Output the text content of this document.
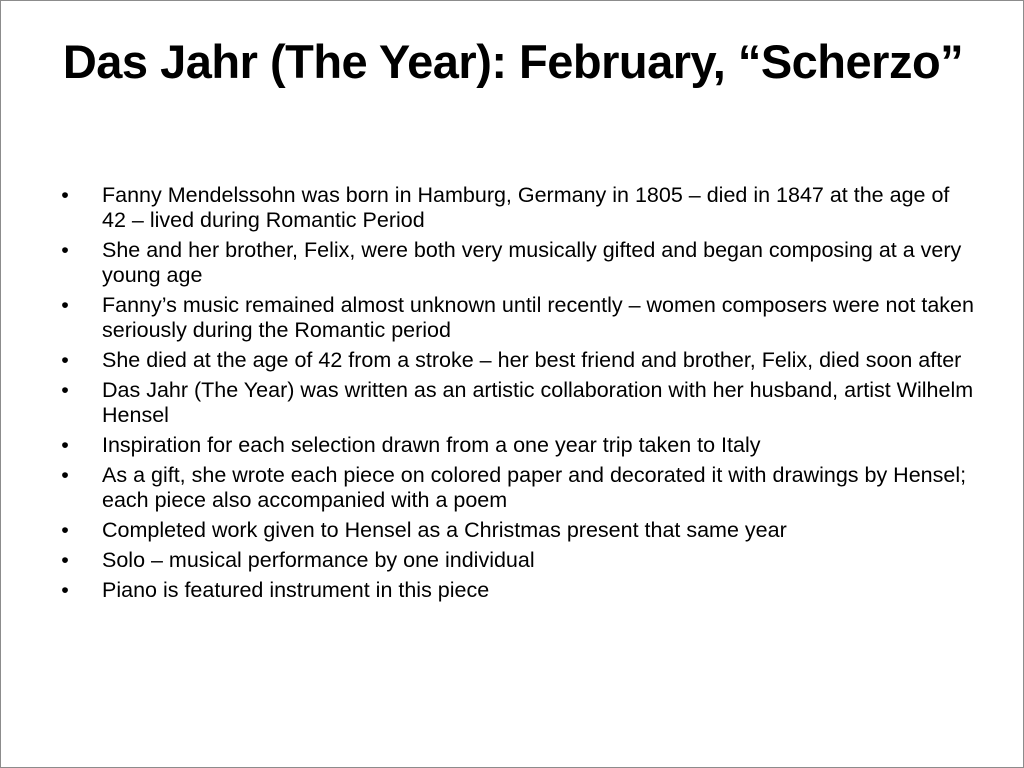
Das Jahr (The Year): February, “Scherzo”
• Fanny Mendelssohn was born in Hamburg, Germany in 1805 – died in 1847 at the age of 42 – lived during Romantic Period
• She and her brother, Felix, were both very musically gifted and began composing at a very young age
• Fanny’s music remained almost unknown until recently – women composers were not taken seriously during the Romantic period
• She died at the age of 42 from a stroke – her best friend and brother, Felix, died soon after
• Das Jahr (The Year) was written as an artistic collaboration with her husband, artist Wilhelm Hensel
• Inspiration for each selection drawn from a one year trip taken to Italy
• As a gift, she wrote each piece on colored paper and decorated it with drawings by Hensel; each piece also accompanied with a poem
• Completed work given to Hensel as a Christmas present that same year
• Solo – musical performance by one individual
• Piano is featured instrument in this piece
